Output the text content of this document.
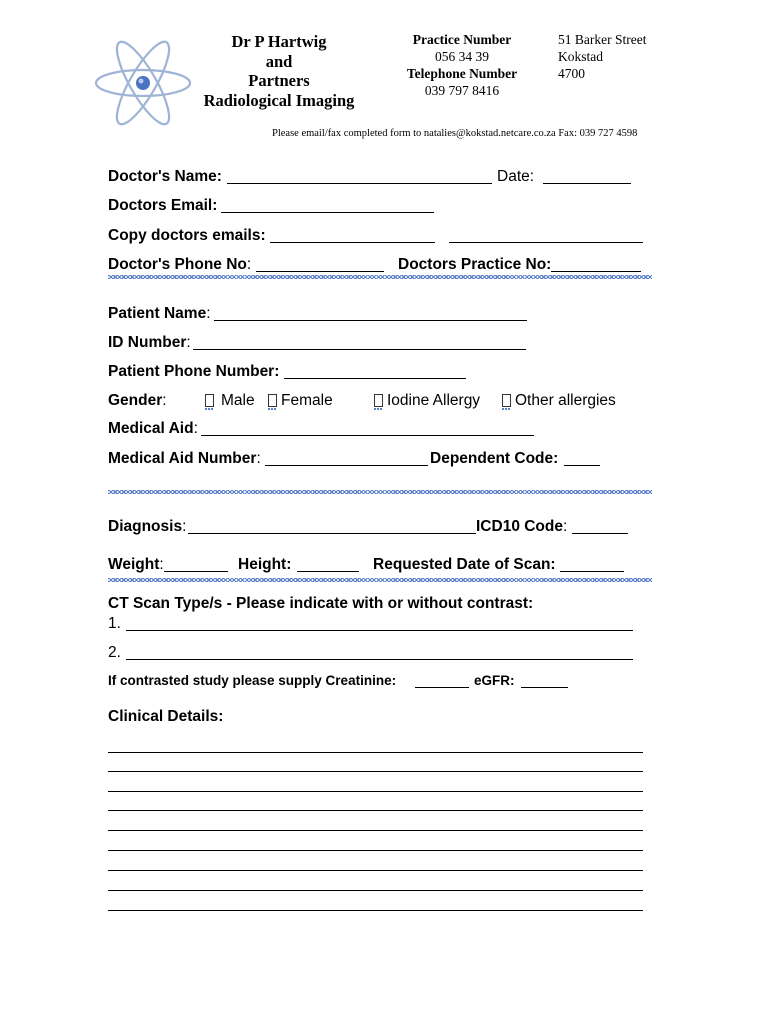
Dr P Hartwig
and
Partners
Radiological Imaging
Practice Number
056 34 39
Telephone Number
039 797 8416
51 Barker Street
Kokstad
4700
Please email/fax completed form to natalies@kokstad.netcare.co.za Fax: 039 727 4598
Doctor's Name:	Date:
Doctors Email:
Copy doctors emails:
Doctor's Phone No:	Doctors Practice No:
Patient Name:
ID Number:
Patient Phone Number:
Gender:	Male Female	Iodine Allergy Other allergies
Medical Aid:
Medical Aid Number:	Dependent Code:
Diagnosis:	ICD10 Code:
Weight:	Height:	Requested Date of Scan:
CT Scan Type/s - Please indicate with or without contrast:
1.
2.
If contrasted study please supply Creatinine:	eGFR:
Clinical Details:
